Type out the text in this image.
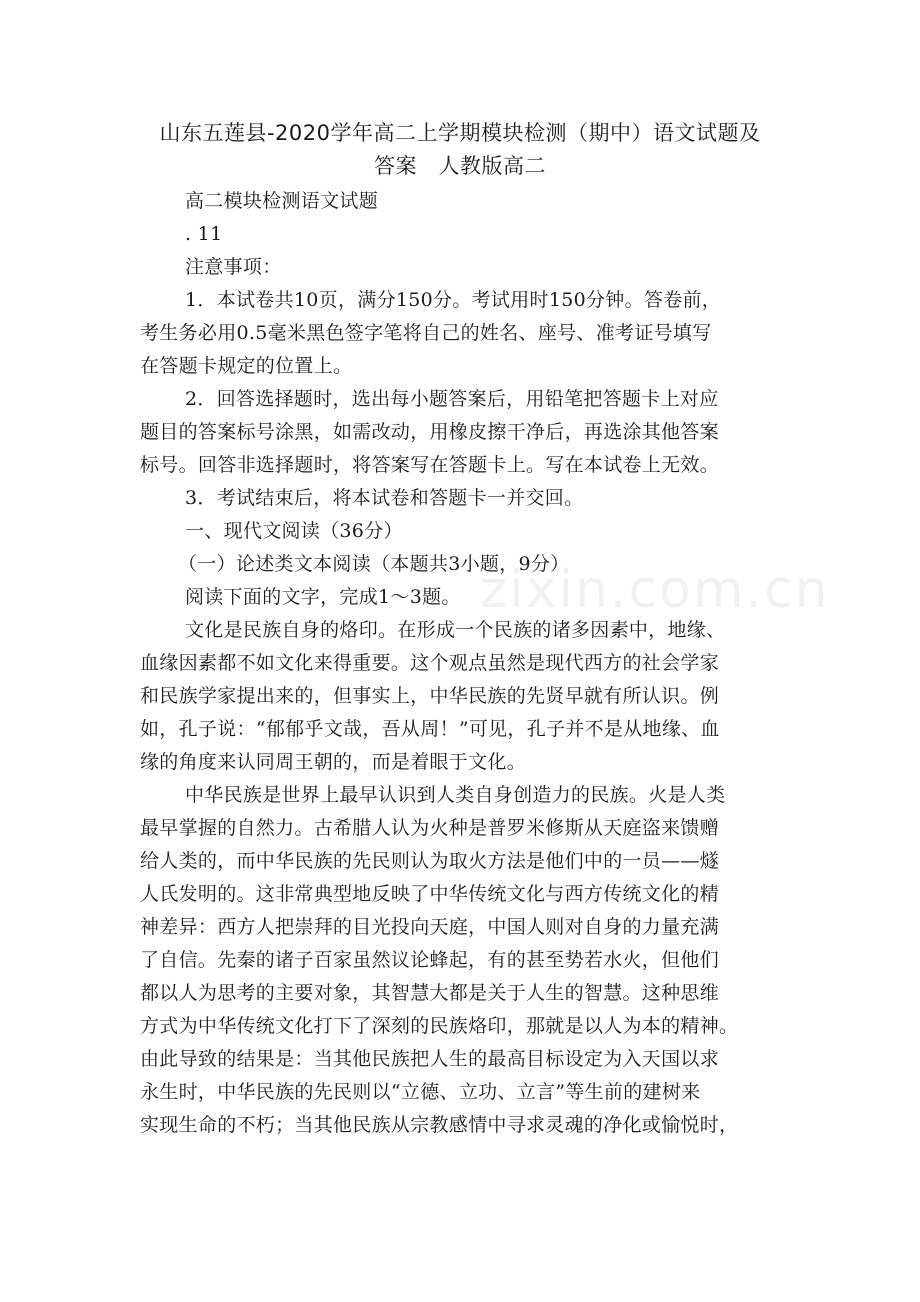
山东五莲县-2020学年高二上学期模块检测（期中）语文试题及
答案　人教版高二
高二模块检测语文试题
. 11
注意事项：
1．本试卷共10页，满分150分。考试用时150分钟。答卷前，
考生务必用0.5毫米黑色签字笔将自己的姓名、座号、准考证号填写
在答题卡规定的位置上。
2．回答选择题时，选出每小题答案后，用铅笔把答题卡上对应
题目的答案标号涂黑，如需改动，用橡皮擦干净后，再选涂其他答案
标号。回答非选择题时，将答案写在答题卡上。写在本试卷上无效。
3．考试结束后，将本试卷和答题卡一并交回。
一、现代文阅读（36分）
（一）论述类文本阅读（本题共3小题，9分）
阅读下面的文字，完成1～3题。
文化是民族自身的烙印。在形成一个民族的诸多因素中，地缘、
血缘因素都不如文化来得重要。这个观点虽然是现代西方的社会学家
和民族学家提出来的，但事实上，中华民族的先贤早就有所认识。例
如，孔子说：“郁郁乎文哉，吾从周！”可见，孔子并不是从地缘、血
缘的角度来认同周王朝的，而是着眼于文化。
中华民族是世界上最早认识到人类自身创造力的民族。火是人类
最早掌握的自然力。古希腊人认为火种是普罗米修斯从天庭盗来馈赠
给人类的，而中华民族的先民则认为取火方法是他们中的一员——燧
人氏发明的。这非常典型地反映了中华传统文化与西方传统文化的精
神差异：西方人把崇拜的目光投向天庭，中国人则对自身的力量充满
了自信。先秦的诸子百家虽然议论蜂起，有的甚至势若水火，但他们
都以人为思考的主要对象，其智慧大都是关于人生的智慧。这种思维
方式为中华传统文化打下了深刻的民族烙印，那就是以人为本的精神。
由此导致的结果是：当其他民族把人生的最高目标设定为入天国以求
永生时，中华民族的先民则以“立德、立功、立言”等生前的建树来
实现生命的不朽；当其他民族从宗教感情中寻求灵魂的净化或愉悦时，
zixin.com.cn
